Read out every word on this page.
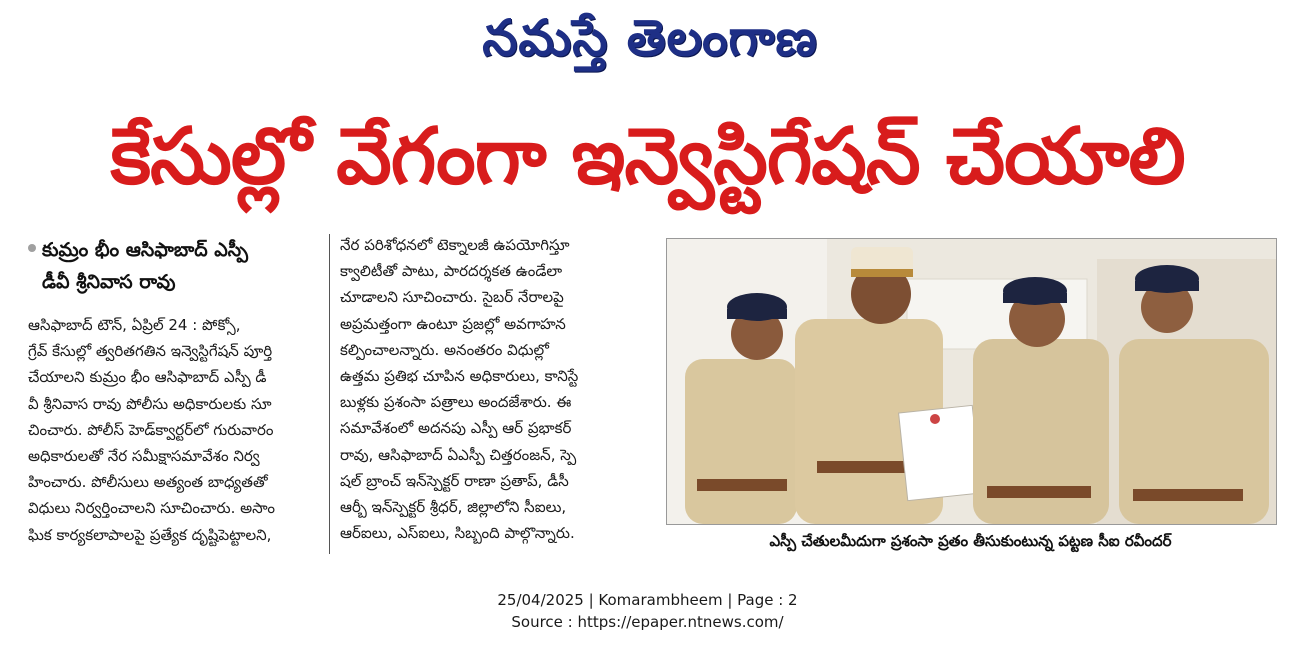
నమస్తే తెలంగాణ
కేసుల్లో వేగంగా ఇన్వెస్టిగేషన్ చేయాలి
కుమ్రం భీం ఆసిఫాబాద్ ఎస్పీ
డీవీ శ్రీనివాస రావు
ఆసిఫాబాద్ టౌన్, ఏప్రిల్ 24 : పోక్సో,
గ్రేవ్ కేసుల్లో త్వరితగతిన ఇన్వెస్టిగేషన్ పూర్తి
చేయాలని కుమ్రం భీం ఆసిఫాబాద్ ఎస్పీ డీ
వీ శ్రీనివాస రావు పోలీసు అధికారులకు సూ
చించారు. పోలీస్ హెడ్‌క్వార్టర్‌లో గురువారం
అధికారులతో నేర సమీక్షాసమావేశం నిర్వ
హించారు. పోలీసులు అత్యంత బాధ్యతతో
విధులు నిర్వర్తించాలని సూచించారు. అసాం
ఘిక కార్యకలాపాలపై ప్రత్యేక దృష్టిపెట్టాలని,
నేర పరిశోధనలో టెక్నాలజీ ఉపయోగిస్తూ
క్వాలిటీతో పాటు, పారదర్శకత ఉండేలా
చూడాలని సూచించారు. సైబర్ నేరాలపై
అప్రమత్తంగా ఉంటూ ప్రజల్లో అవగాహన
కల్పించాలన్నారు. అనంతరం విధుల్లో
ఉత్తమ ప్రతిభ చూపిన అధికారులు, కానిస్టే
బుళ్లకు ప్రశంసా పత్రాలు అందజేశారు. ఈ
సమావేశంలో అదనపు ఎస్పీ ఆర్ ప్రభాకర్
రావు, ఆసిఫాబాద్ ఏఎస్పీ చిత్తరంజన్, స్పె
షల్ బ్రాంచ్ ఇన్‌స్పెక్టర్ రాణా ప్రతాప్, డీసీ
ఆర్బీ ఇన్‌స్పెక్టర్ శ్రీధర్, జిల్లాలోని సీఐలు,
ఆర్ఐలు, ఎస్ఐలు, సిబ్బంది పాల్గొన్నారు.	ఎస్పీ చేతులమీదుగా ప్రశంసా ప్రతం తీసుకుంటున్న పట్టణ సీఐ రవీందర్
25/04/2025 | Komarambheem | Page : 2
Source : https://epaper.ntnews.com/
